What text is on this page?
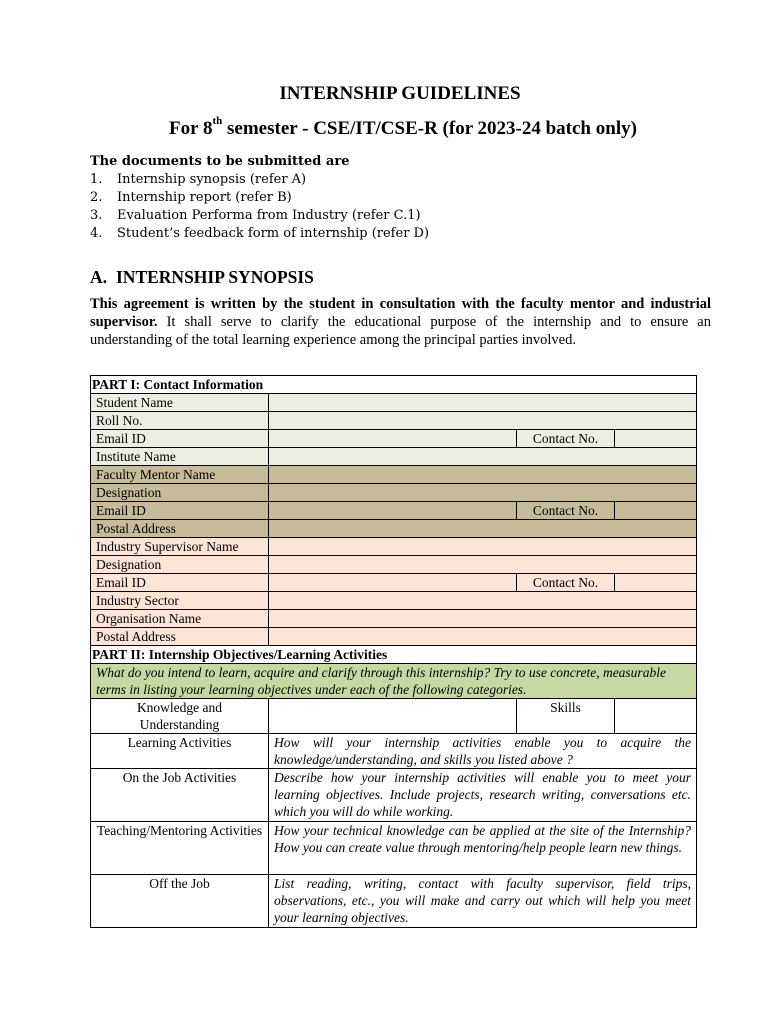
INTERNSHIP GUIDELINES
For 8th semester - CSE/IT/CSE-R (for 2023-24 batch only)
The documents to be submitted are
1. Internship synopsis (refer A)
2. Internship report (refer B)
3. Evaluation Performa from Industry (refer C.1)
4. Student’s feedback form of internship (refer D)
A. INTERNSHIP SYNOPSIS
This agreement is written by the student in consultation with the faculty mentor and industrial supervisor. It shall serve to clarify the educational purpose of the internship and to ensure an understanding of the total learning experience among the principal parties involved.
PART I: Contact Information			
Student Name			
Roll No.			
Email ID		Contact No.	
Institute Name			
Faculty Mentor Name			
Designation			
Email ID		Contact No.	
Postal Address			
Industry Supervisor Name			
Designation			
Email ID		Contact No.	
Industry Sector			
Organisation Name			
Postal Address			
PART II: Internship Objectives/Learning Activities			
What do you intend to learn, acquire and clarify through this internship? Try to use concrete, measurable terms in listing your learning objectives under each of the following categories.			
Knowledge and Understanding		Skills	
Learning Activities	How will your internship activities enable you to acquire the knowledge/understanding, and skills you listed above ?		
On the Job Activities	Describe how your internship activities will enable you to meet your learning objectives. Include projects, research writing, conversations etc. which you will do while working.		
Teaching/Mentoring Activities	How your technical knowledge can be applied at the site of the Internship? How you can create value through mentoring/help people learn new things.		
Off the Job	List reading, writing, contact with faculty supervisor, field trips, observations, etc., you will make and carry out which will help you meet your learning objectives.		
